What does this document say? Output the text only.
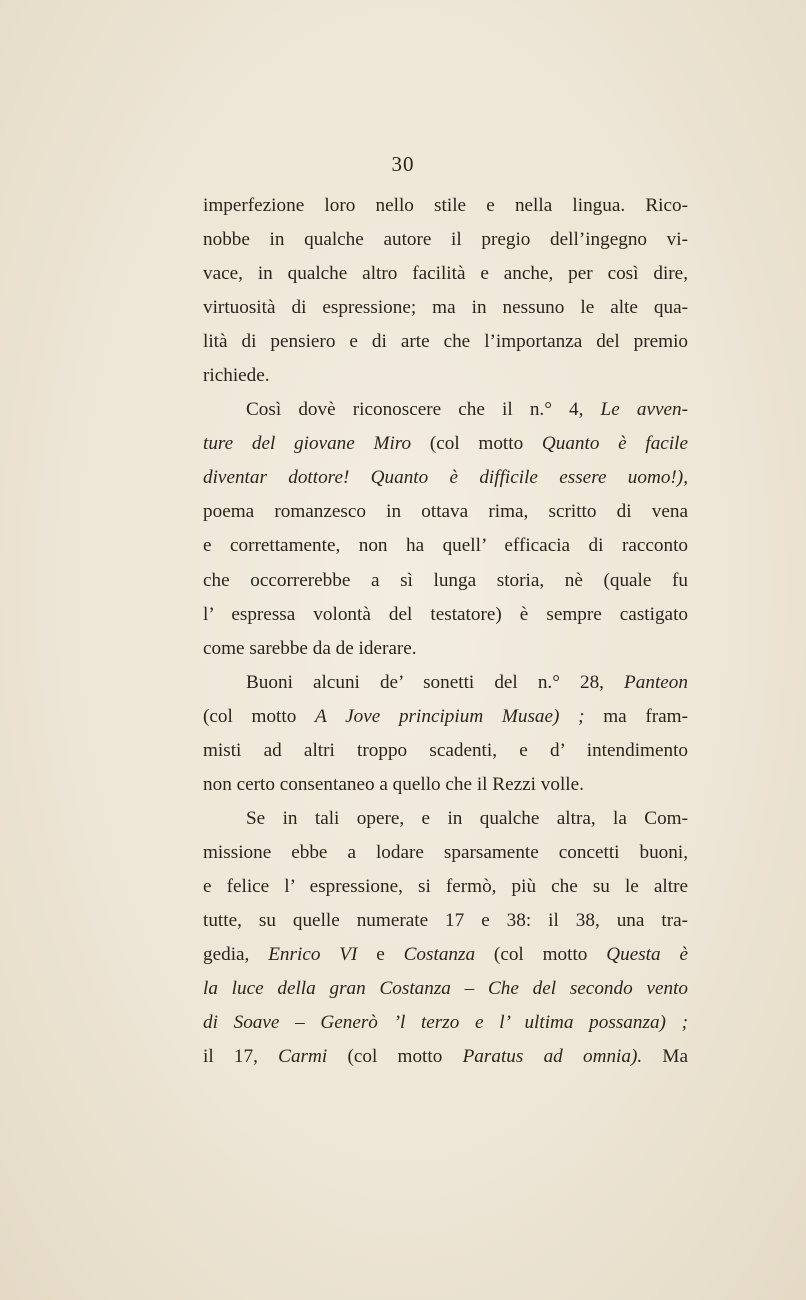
30
imperfezione loro nello stile e nella lingua. Rico-
nobbe in qualche autore il pregio dell’ingegno vi-
vace, in qualche altro facilità e anche, per così dire,
virtuosità di espressione; ma in nessuno le alte qua-
lità di pensiero e di arte che l’importanza del premio
richiede.
Così dovè riconoscere che il n.° 4, Le avven-
ture del giovane Miro (col motto Quanto è facile
diventar dottore! Quanto è difficile essere uomo!),
poema romanzesco in ottava rima, scritto di vena
e correttamente, non ha quell’ efficacia di racconto
che occorrerebbe a sì lunga storia, nè (quale fu
l’ espressa volontà del testatore) è sempre castigato
come sarebbe da de iderare.
Buoni alcuni de’ sonetti del n.° 28, Panteon
(col motto A Jove principium Musae) ; ma fram-
misti ad altri troppo scadenti, e d’ intendimento
non certo consentaneo a quello che il Rezzi volle.
Se in tali opere, e in qualche altra, la Com-
missione ebbe a lodare sparsamente concetti buoni,
e felice l’ espressione, si fermò, più che su le altre
tutte, su quelle numerate 17 e 38: il 38, una tra-
gedia, Enrico VI e Costanza (col motto Questa è
la luce della gran Costanza – Che del secondo vento
di Soave – Generò ’l terzo e l’ ultima possanza) ;
il 17, Carmi (col motto Paratus ad omnia). Ma
